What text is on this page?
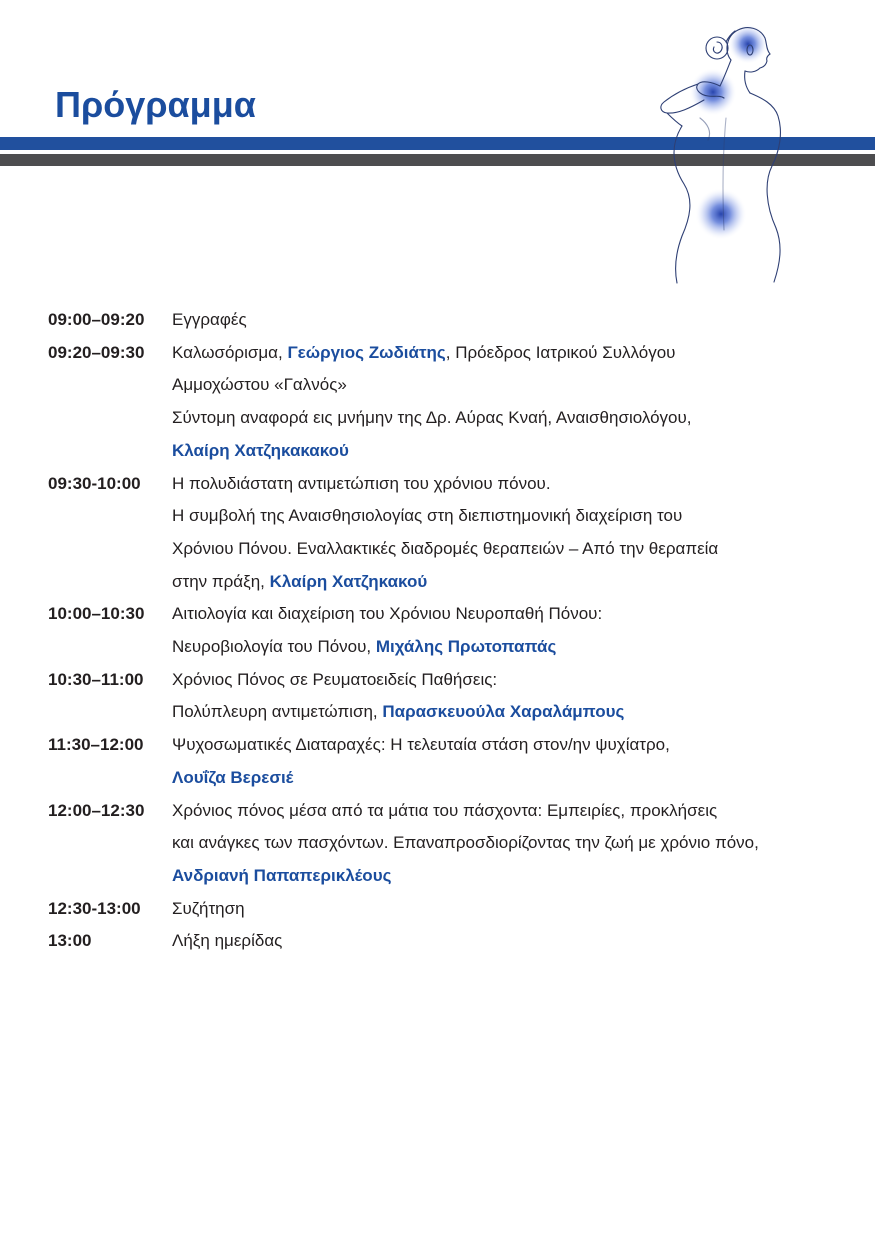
Πρόγραμμα
09:00–09:20	Εγγραφές
09:20–09:30	Καλωσόρισμα, Γεώργιος Ζωδιάτης, Πρόεδρος Ιατρικού Συλλόγου
Αμμοχώστου «Γαλνός»
Σύντομη αναφορά εις μνήμην της Δρ. Αύρας Κναή, Αναισθησιολόγου,
Κλαίρη Χατζηκακακού
09:30-10:00	Η πολυδιάστατη αντιμετώπιση του χρόνιου πόνου.
Η συμβολή της Αναισθησιολογίας στη διεπιστημονική διαχείριση του
Χρόνιου Πόνου. Εναλλακτικές διαδρομές θεραπειών – Από την θεραπεία
στην πράξη, Κλαίρη Χατζηκακού
10:00–10:30	Αιτιολογία και διαχείριση του Χρόνιου Νευροπαθή Πόνου:
Νευροβιολογία του Πόνου, Μιχάλης Πρωτοπαπάς
10:30–11:00	Χρόνιος Πόνος σε Ρευματοειδείς Παθήσεις:
Πολύπλευρη αντιμετώπιση, Παρασκευούλα Χαραλάμπους
11:30–12:00	Ψυχοσωματικές Διαταραχές: Η τελευταία στάση στον/ην ψυχίατρο,
Λουΐζα Βερεσιέ
12:00–12:30	Χρόνιος πόνος μέσα από τα μάτια του πάσχοντα: Εμπειρίες, προκλήσεις
και ανάγκες των πασχόντων. Επαναπροσδιορίζοντας την ζωή με χρόνιο πόνο,
Ανδριανή Παπαπερικλέους
12:30-13:00	Συζήτηση
13:00	Λήξη ημερίδας
